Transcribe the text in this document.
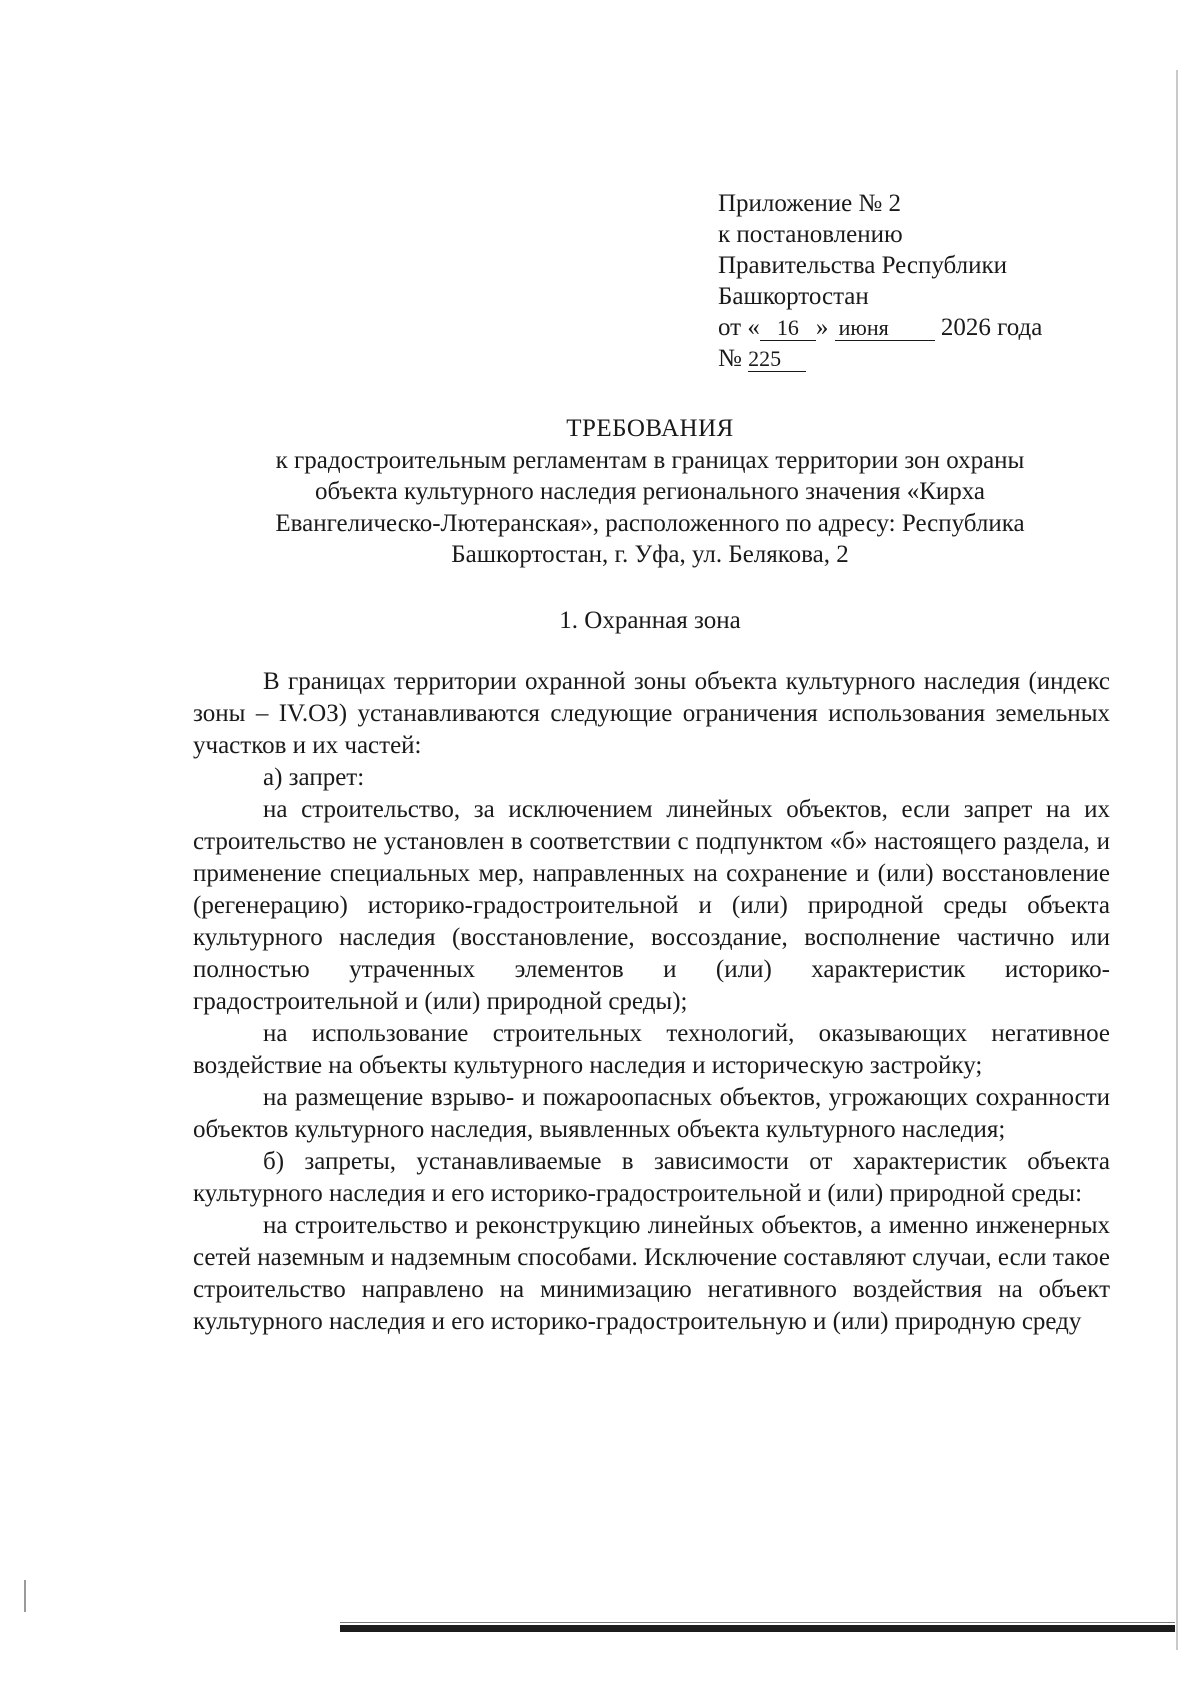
Приложение № 2
к постановлению
Правительства Республики
Башкортостан
от « 16 » июня 2026 года
№ 225
ТРЕБОВАНИЯ
к градостроительным регламентам в границах территории зон охраны
объекта культурного наследия регионального значения «Кирха
Евангелическо-Лютеранская», расположенного по адресу: Республика
Башкортостан, г. Уфа, ул. Белякова, 2
1. Охранная зона

В границах территории охранной зоны объекта культурного наследия (индекс зоны – IV.ОЗ) устанавливаются следующие ограничения использования земельных участков и их частей:

а) запрет:

на строительство, за исключением линейных объектов, если запрет на их строительство не установлен в соответствии с подпунктом «б» настоящего раздела, и применение специальных мер, направленных на сохранение и (или) восстановление (регенерацию) историко-градостроительной и (или) природной среды объекта культурного наследия (восстановление, воссоздание, восполнение частично или полностью утраченных элементов и (или) характеристик историко-градостроительной и (или) природной среды);

на использование строительных технологий, оказывающих негативное воздействие на объекты культурного наследия и историческую застройку;

на размещение взрыво- и пожароопасных объектов, угрожающих сохранности объектов культурного наследия, выявленных объекта культурного наследия;

б) запреты, устанавливаемые в зависимости от характеристик объекта культурного наследия и его историко-градостроительной и (или) природной среды:

на строительство и реконструкцию линейных объектов, а именно инженерных сетей наземным и надземным способами. Исключение составляют случаи, если такое строительство направлено на минимизацию негативного воздействия на объект культурного наследия и его историко-градостроительную и (или) природную среду
